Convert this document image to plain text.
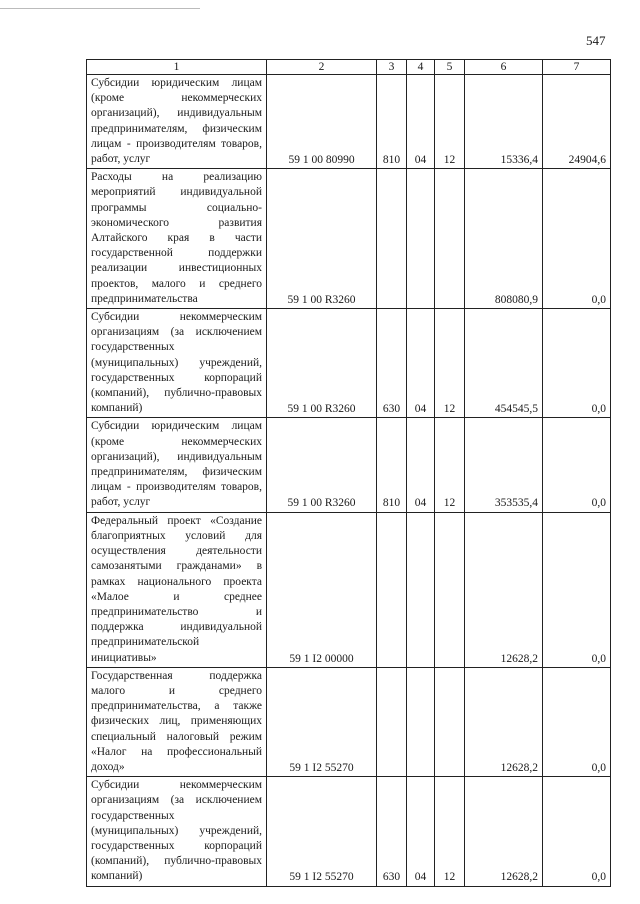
547
1	2	3	4	5	6	7
Субсидии юридическим лицам (кроме некоммерческих организаций), индивидуальным предпринимателям, физическим лицам - производителям товаров, работ, услуг	59 1 00 80990	810	04	12	15336,4	24904,6
Расходы на реализацию мероприятий индивидуальной программы социально-экономического развития Алтайского края в части государственной поддержки реализации инвестиционных проектов, малого и среднего предпринимательства	59 1 00 R3260				808080,9	0,0
Субсидии некоммерческим организациям (за исключением государственных (муниципальных) учреждений, государственных корпораций (компаний), публично-правовых компаний)	59 1 00 R3260	630	04	12	454545,5	0,0
Субсидии юридическим лицам (кроме некоммерческих организаций), индивидуальным предпринимателям, физическим лицам - производителям товаров, работ, услуг	59 1 00 R3260	810	04	12	353535,4	0,0
Федеральный проект «Создание благоприятных условий для осуществления деятельности самозанятыми гражданами» в рамках национального проекта «Малое и среднее предпринимательство и поддержка индивидуальной предпринимательской инициативы»	59 1 I2 00000				12628,2	0,0
Государственная поддержка малого и среднего предпринимательства, а также физических лиц, применяющих специальный налоговый режим «Налог на профессиональный доход»	59 1 I2 55270				12628,2	0,0
Субсидии некоммерческим организациям (за исключением государственных (муниципальных) учреждений, государственных корпораций (компаний), публично-правовых компаний)	59 1 I2 55270	630	04	12	12628,2	0,0
